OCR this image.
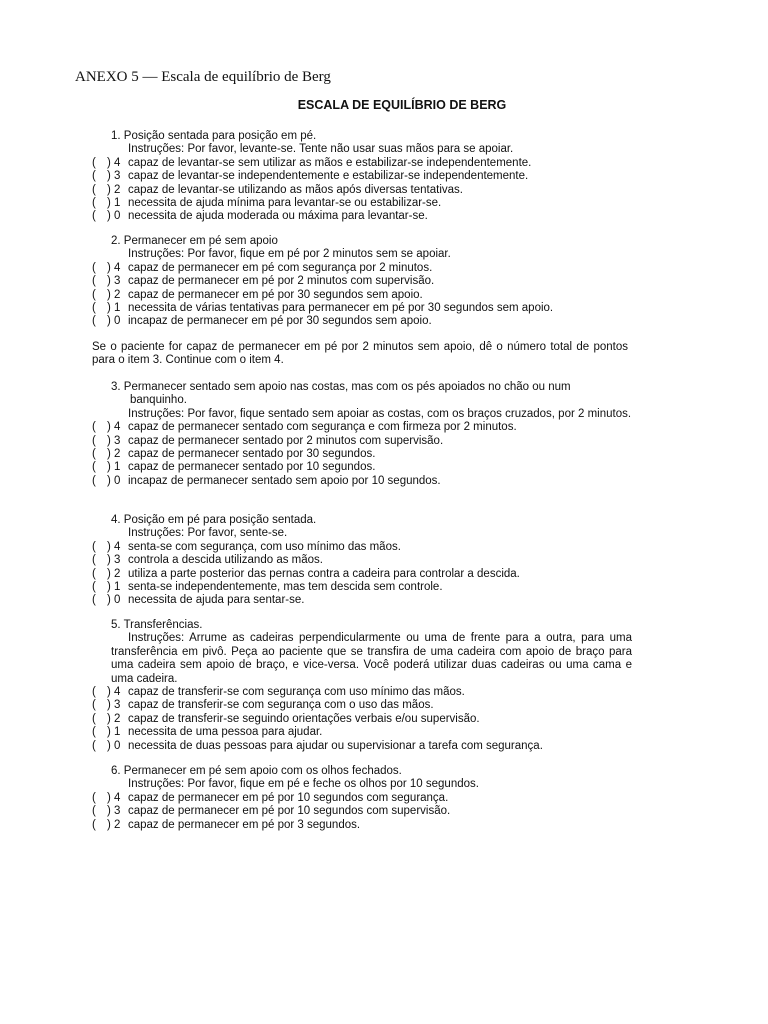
ANEXO 5 — Escala de equilíbrio de Berg
ESCALA DE EQUILÍBRIO DE BERG
1. Posição sentada para posição em pé.
Instruções: Por favor, levante-se. Tente não usar suas mãos para se apoiar.
( ) 4 capaz de levantar-se sem utilizar as mãos e estabilizar-se independentemente.
( ) 3 capaz de levantar-se independentemente e estabilizar-se independentemente.
( ) 2 capaz de levantar-se utilizando as mãos após diversas tentativas.
( ) 1 necessita de ajuda mínima para levantar-se ou estabilizar-se.
( ) 0 necessita de ajuda moderada ou máxima para levantar-se.
2. Permanecer em pé sem apoio
Instruções: Por favor, fique em pé por 2 minutos sem se apoiar.
( ) 4 capaz de permanecer em pé com segurança por 2 minutos.
( ) 3 capaz de permanecer em pé por 2 minutos com supervisão.
( ) 2 capaz de permanecer em pé por 30 segundos sem apoio.
( ) 1 necessita de várias tentativas para permanecer em pé por 30 segundos sem apoio.
( ) 0 incapaz de permanecer em pé por 30 segundos sem apoio.
Se o paciente for capaz de permanecer em pé por 2 minutos sem apoio, dê o número total de pontos para o item 3. Continue com o item 4.
3. Permanecer sentado sem apoio nas costas, mas com os pés apoiados no chão ou num banquinho.
Instruções: Por favor, fique sentado sem apoiar as costas, com os braços cruzados, por 2 minutos.
( ) 4 capaz de permanecer sentado com segurança e com firmeza por 2 minutos.
( ) 3 capaz de permanecer sentado por 2 minutos com supervisão.
( ) 2 capaz de permanecer sentado por 30 segundos.
( ) 1 capaz de permanecer sentado por 10 segundos.
( ) 0 incapaz de permanecer sentado sem apoio por 10 segundos.
4. Posição em pé para posição sentada.
Instruções: Por favor, sente-se.
( ) 4 senta-se com segurança, com uso mínimo das mãos.
( ) 3 controla a descida utilizando as mãos.
( ) 2 utiliza a parte posterior das pernas contra a cadeira para controlar a descida.
( ) 1 senta-se independentemente, mas tem descida sem controle.
( ) 0 necessita de ajuda para sentar-se.
5. Transferências.
Instruções: Arrume as cadeiras perpendicularmente ou uma de frente para a outra, para uma transferência em pivô. Peça ao paciente que se transfira de uma cadeira com apoio de braço para uma cadeira sem apoio de braço, e vice-versa. Você poderá utilizar duas cadeiras ou uma cama e uma cadeira.
( ) 4 capaz de transferir-se com segurança com uso mínimo das mãos.
( ) 3 capaz de transferir-se com segurança com o uso das mãos.
( ) 2 capaz de transferir-se seguindo orientações verbais e/ou supervisão.
( ) 1 necessita de uma pessoa para ajudar.
( ) 0 necessita de duas pessoas para ajudar ou supervisionar a tarefa com segurança.
6. Permanecer em pé sem apoio com os olhos fechados.
Instruções: Por favor, fique em pé e feche os olhos por 10 segundos.
( ) 4 capaz de permanecer em pé por 10 segundos com segurança.
( ) 3 capaz de permanecer em pé por 10 segundos com supervisão.
( ) 2 capaz de permanecer em pé por 3 segundos.
